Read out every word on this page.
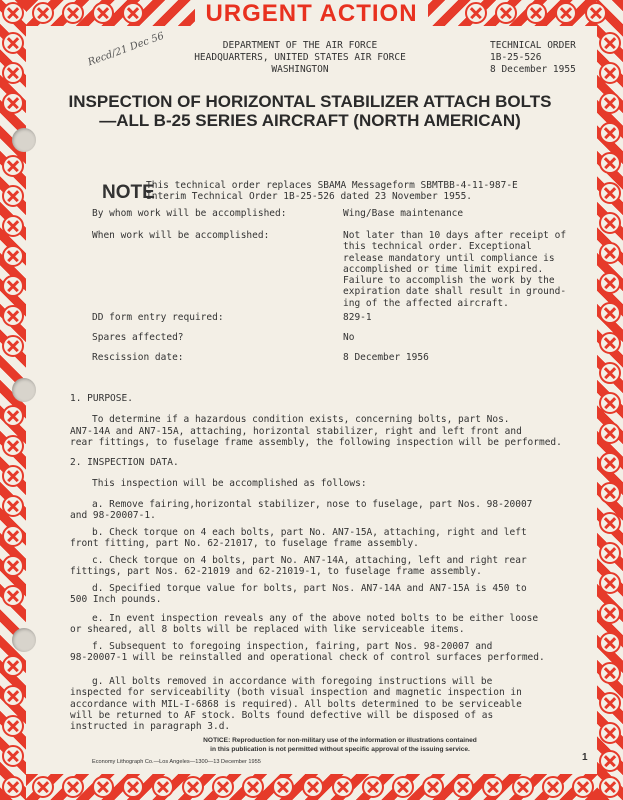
URGENT ACTION
Recd/21 Dec 56	DEPARTMENT OF THE AIR FORCE
HEADQUARTERS, UNITED STATES AIR FORCE
WASHINGTON
TECHNICAL ORDER
1B-25-526
8 December 1955
INSPECTION OF HORIZONTAL STABILIZER ATTACH BOLTS
—ALL B-25 SERIES AIRCRAFT (NORTH AMERICAN)
NOTE
This technical order replaces SBAMA Messageform SBMTBB-4-11-987-E
Interim Technical Order 1B-25-526 dated 23 November 1955.
By whom work will be accomplished:	Wing/Base maintenance
When work will be accomplished:	Not later than 10 days after receipt of
this technical order. Exceptional
release mandatory until compliance is
accomplished or time limit expired.
Failure to accomplish the work by the
expiration date shall result in ground-
ing of the affected aircraft.
DD form entry required:	829-1
Spares affected?	No
Rescission date:	8 December 1956
1. PURPOSE.
To determine if a hazardous condition exists, concerning bolts, part Nos.
AN7-14A and AN7-15A, attaching, horizontal stabilizer, right and left front and
rear fittings, to fuselage frame assembly, the following inspection will be performed.
2. INSPECTION DATA.
This inspection will be accomplished as follows:
a. Remove fairing,horizontal stabilizer, nose to fuselage, part Nos. 98-20007
and 98-20007-1.
b. Check torque on 4 each bolts, part No. AN7-15A, attaching, right and left
front fitting, part No. 62-21017, to fuselage frame assembly.
c. Check torque on 4 bolts, part No. AN7-14A, attaching, left and right rear
fittings, part Nos. 62-21019 and 62-21019-1, to fuselage frame assembly.
d. Specified torque value for bolts, part Nos. AN7-14A and AN7-15A is 450 to
500 Inch pounds.
e. In event inspection reveals any of the above noted bolts to be either loose
or sheared, all 8 bolts will be replaced with like serviceable items.
f. Subsequent to foregoing inspection, fairing, part Nos. 98-20007 and
98-20007-1 will be reinstalled and operational check of control surfaces performed.
g. All bolts removed in accordance with foregoing instructions will be
inspected for serviceability (both visual inspection and magnetic inspection in
accordance with MIL-I-6868 is required). All bolts determined to be serviceable
will be returned to AF stock. Bolts found defective will be disposed of as
instructed in paragraph 3.d.
NOTICE: Reproduction for non-military use of the information or illustrations contained
in this publication is not permitted without specific approval of the issuing service.
Economy Lithograph Co.—Los Angeles—1300—13 December 1955	1
